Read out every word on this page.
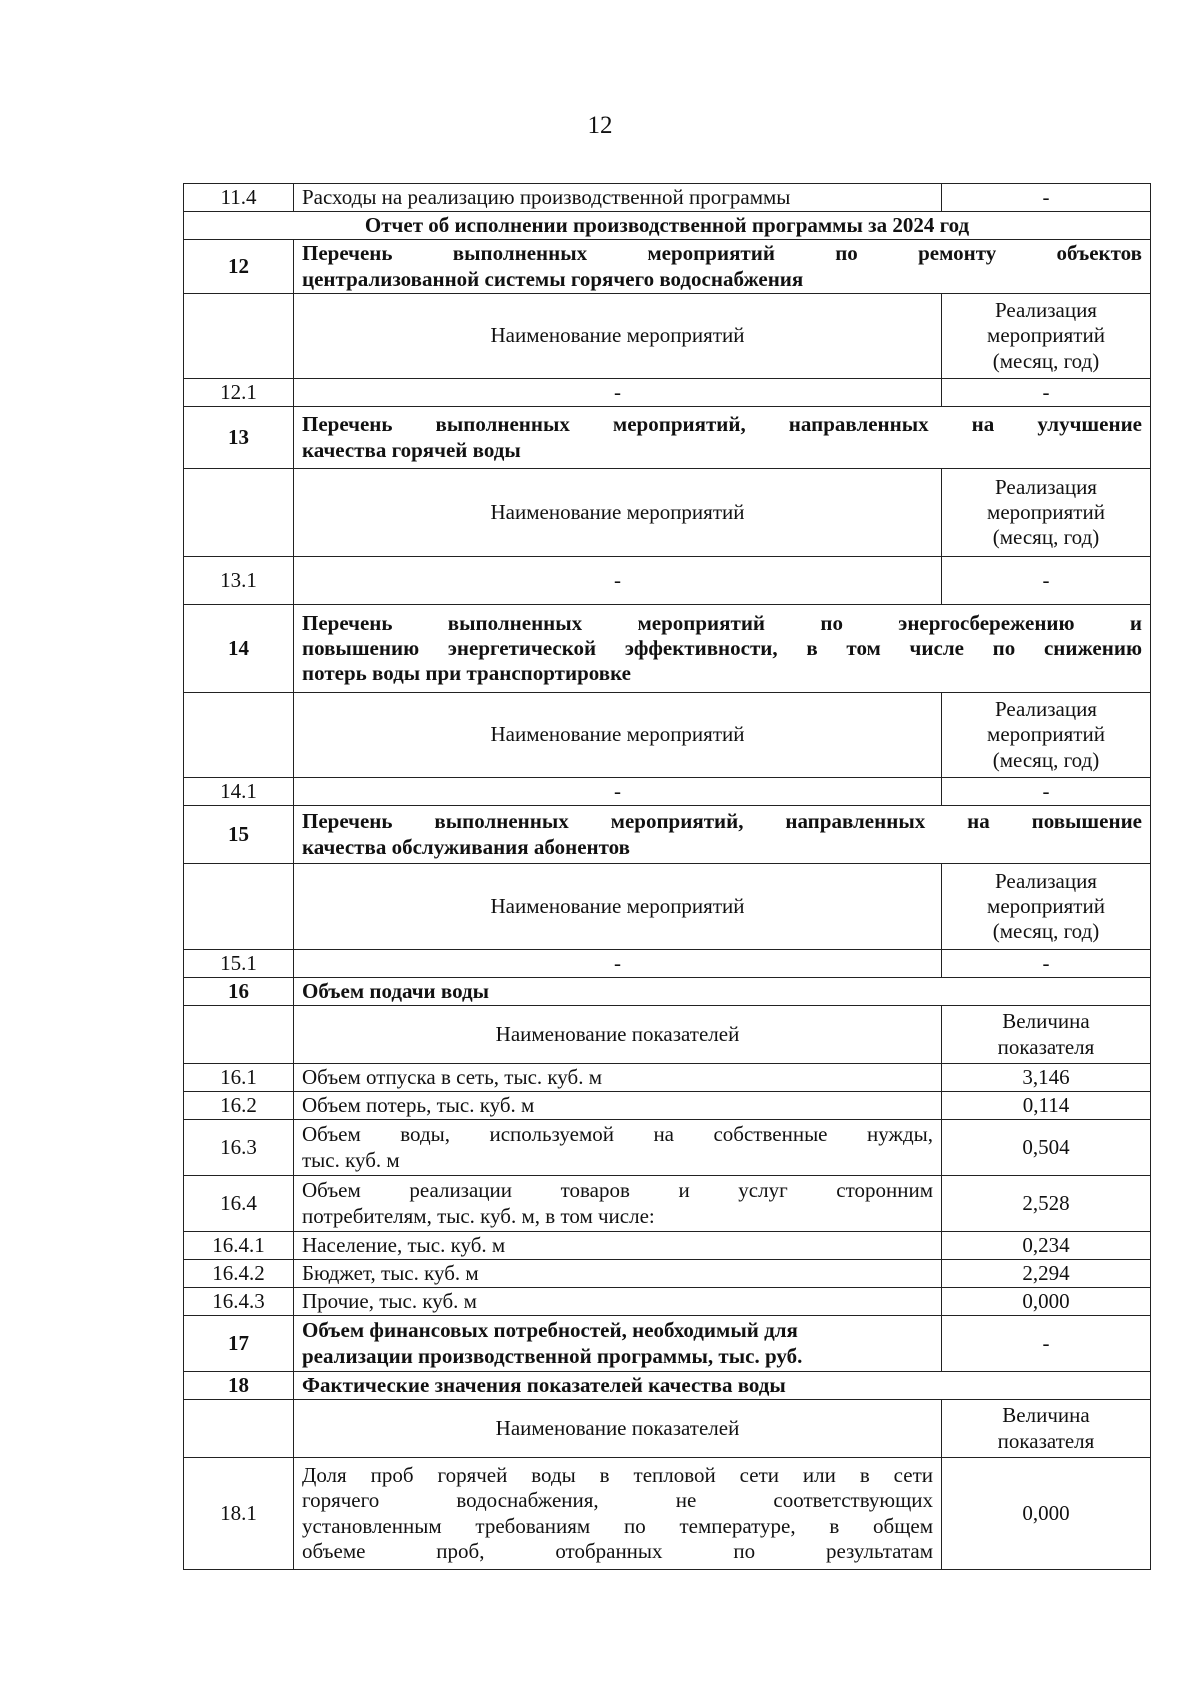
12
11.4	Расходы на реализацию производственной программы	-
Отчет об исполнении производственной программы за 2024 год		
12	Перечень выполненных мероприятий по ремонту объектов
централизованной системы горячего водоснабжения	

	Наименование мероприятий	Реализация
мероприятий
(месяц, год)

12.1	-	-
13	Перечень выполненных мероприятий, направленных на улучшение
качества горячей воды	

	Наименование мероприятий	Реализация
мероприятий
(месяц, год)

13.1	-	-
14	Перечень выполненных мероприятий по энергосбережению и
повышению энергетической эффективности, в том числе по снижению
потерь воды при транспортировке	

	Наименование мероприятий	Реализация
мероприятий
(месяц, год)

14.1	-	-
15	Перечень выполненных мероприятий, направленных на повышение
качества обслуживания абонентов	

	Наименование мероприятий	Реализация
мероприятий
(месяц, год)

15.1	-	-
16	Объем подачи воды	
	Наименование показателей	Величина
показателя

16.1	Объем отпуска в сеть, тыс. куб. м	3,146
16.2	Объем потерь, тыс. куб. м	0,114
16.3	Объем воды, используемой на собственные нужды,
тыс. куб. м	0,504
16.4	Объем реализации товаров и услуг сторонним
потребителям, тыс. куб. м, в том числе:	2,528
16.4.1	Население, тыс. куб. м	0,234
16.4.2	Бюджет, тыс. куб. м	2,294
16.4.3	Прочие, тыс. куб. м	0,000
17	Объем финансовых потребностей, необходимый для
реализации производственной программы, тыс. руб.	-
18	Фактические значения показателей качества воды	
	Наименование показателей	Величина
показателя

18.1	Доля проб горячей воды в тепловой сети или в сети
горячего водоснабжения, не соответствующих
установленным требованиям по температуре, в общем
объеме проб, отобранных по результатам	0,000
